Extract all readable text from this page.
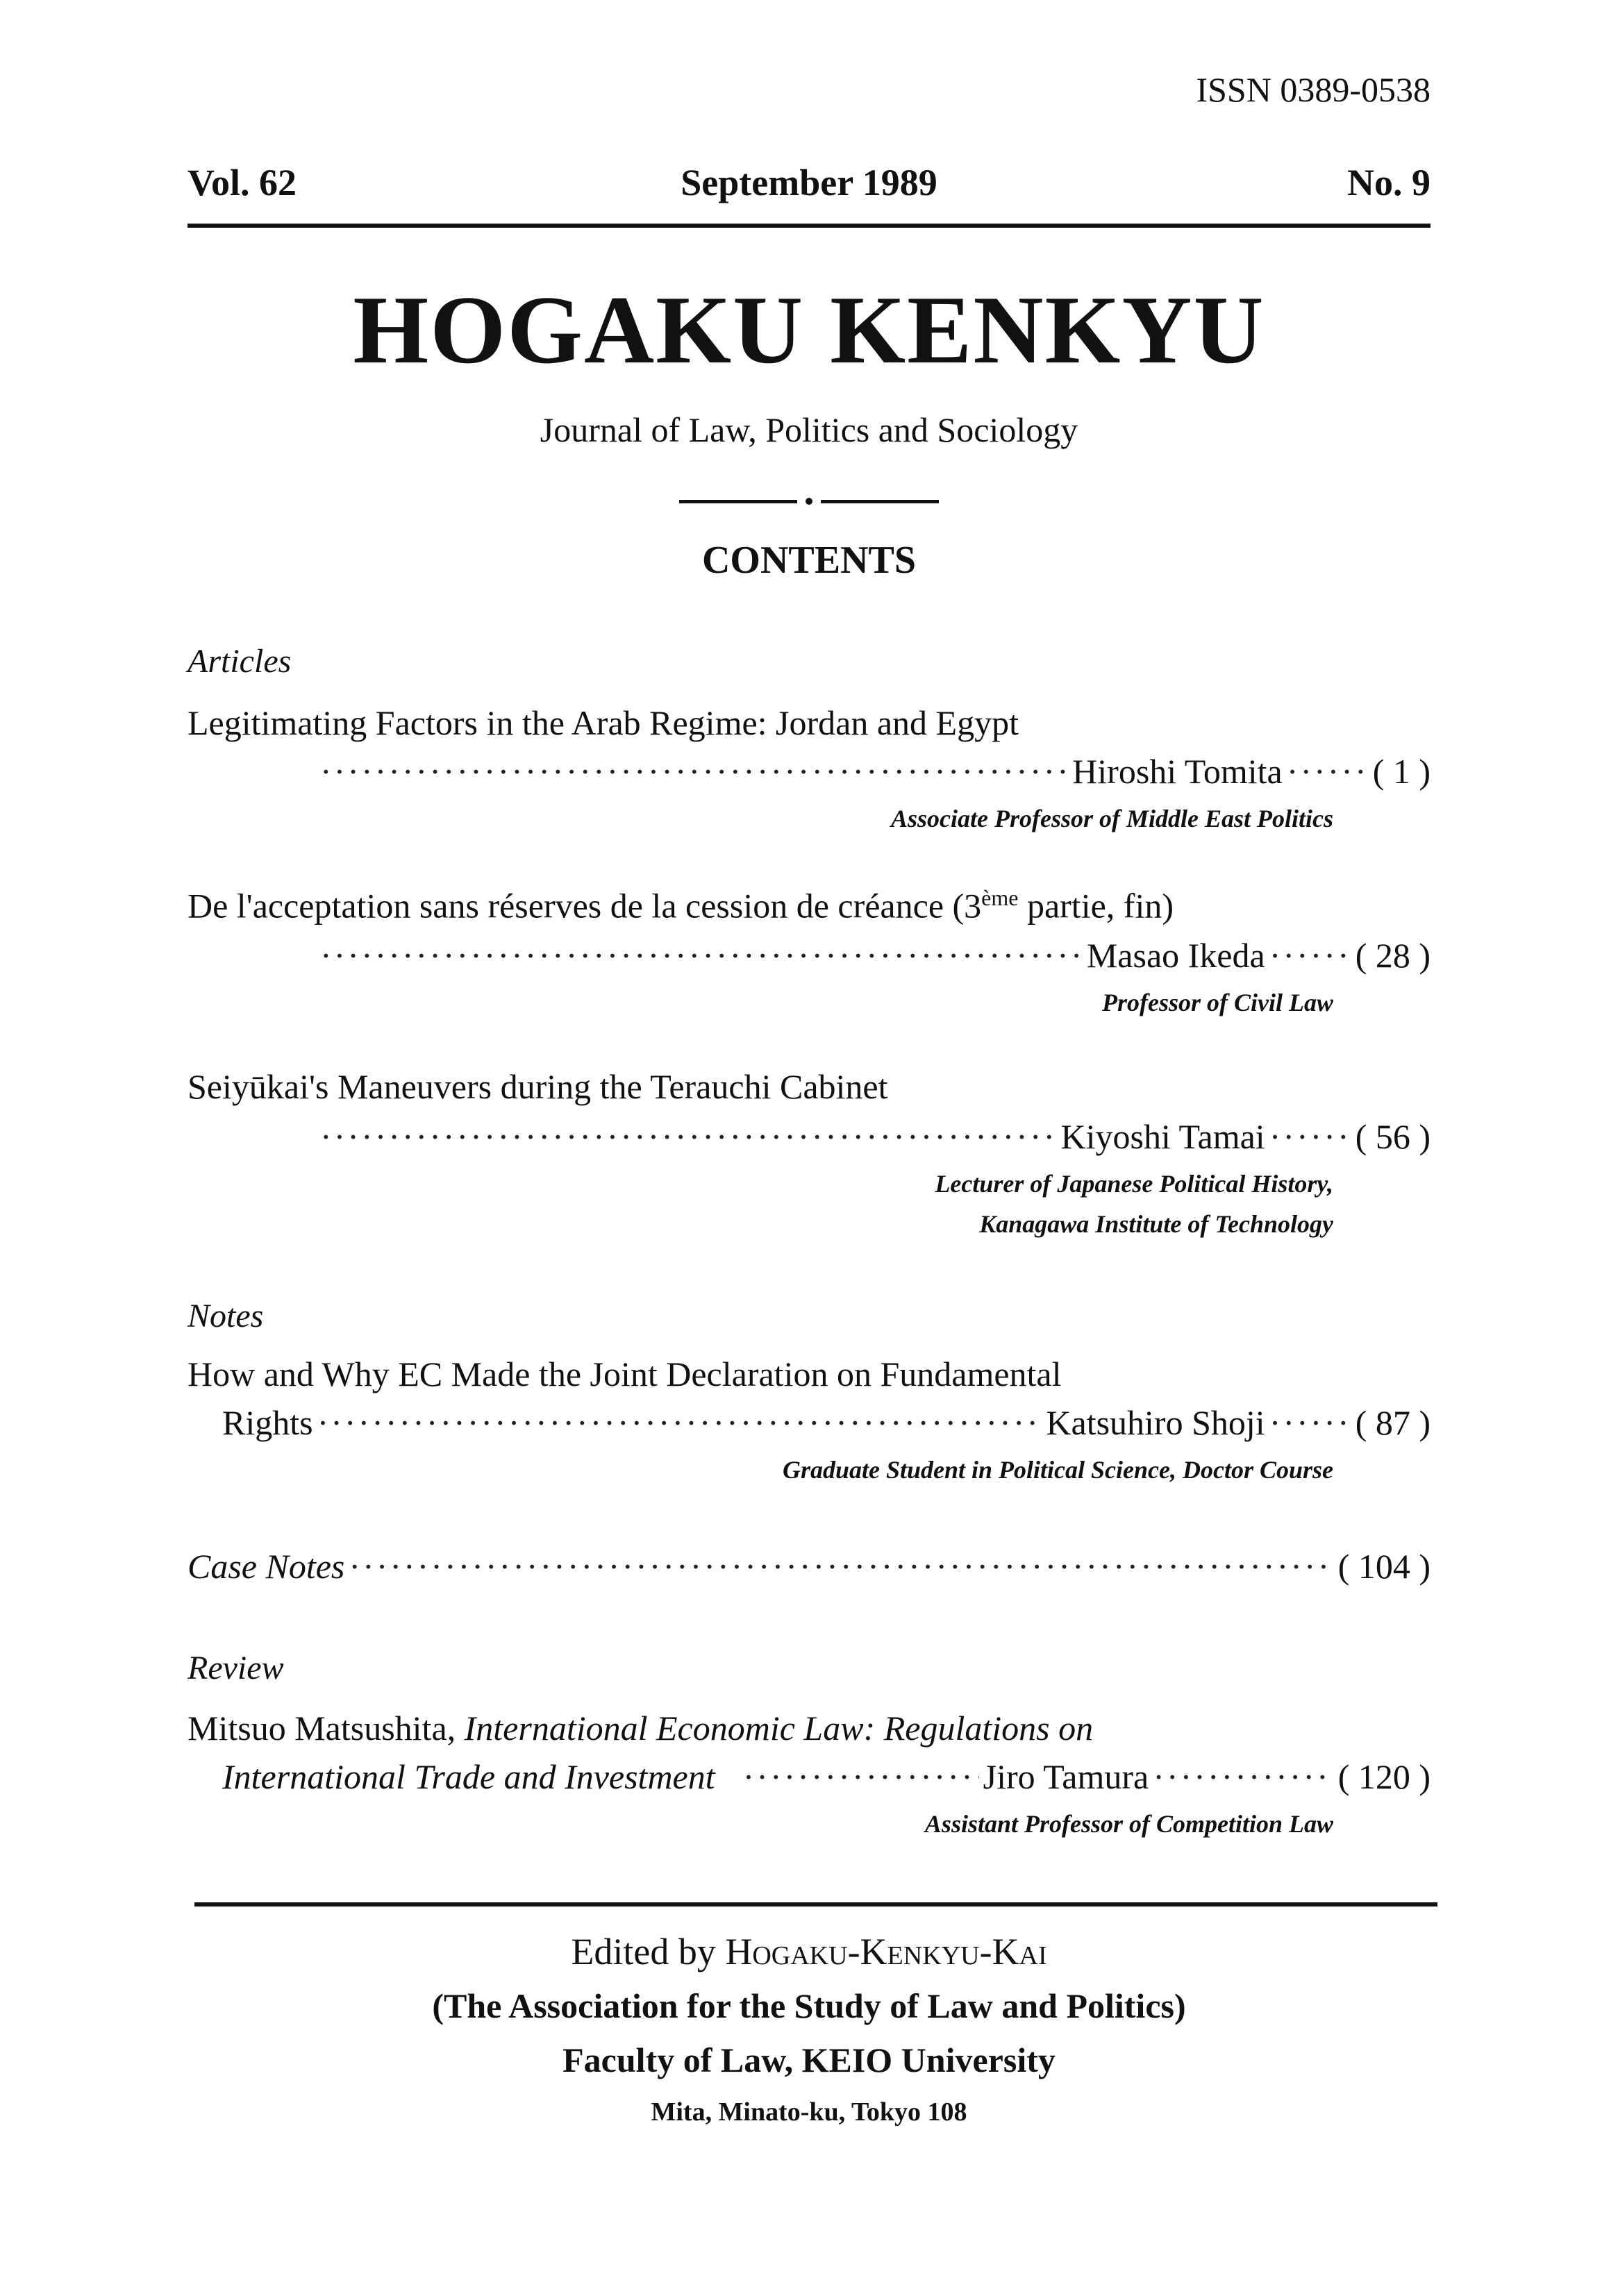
ISSN 0389-0538
Vol. 62	September 1989	No. 9
HOGAKU KENKYU
Journal of Law, Politics and Sociology
CONTENTS
Articles
Legitimating Factors in the Arab Regime: Jordan and Egypt
·····
Hiroshi Tomita ·····	( 1 )
Associate Professor of Middle East Politics
De l'acceptation sans réserves de la cession de créance (3ème partie, fin)
·····
Masao Ikeda ·····	( 28 )
Professor of Civil Law
Seiyūkai's Maneuvers during the Terauchi Cabinet
·····
Kiyoshi Tamai ·····	( 56 )
Lecturer of Japanese Political History,
Kanagawa Institute of Technology
Notes
How and Why EC Made the Joint Declaration on Fundamental
Rights ·····	Katsuhiro Shoji ·····	( 87 )
Graduate Student in Political Science, Doctor Course
Case Notes ·····	( 104 )
Review
Mitsuo Matsushita, International Economic Law: Regulations on
International Trade and Investment ·····	Jiro Tamura ·····	( 120 )
Assistant Professor of Competition Law
Edited by Hogaku-Kenkyu-Kai
(The Association for the Study of Law and Politics)
Faculty of Law, KEIO University
Mita, Minato-ku, Tokyo 108
